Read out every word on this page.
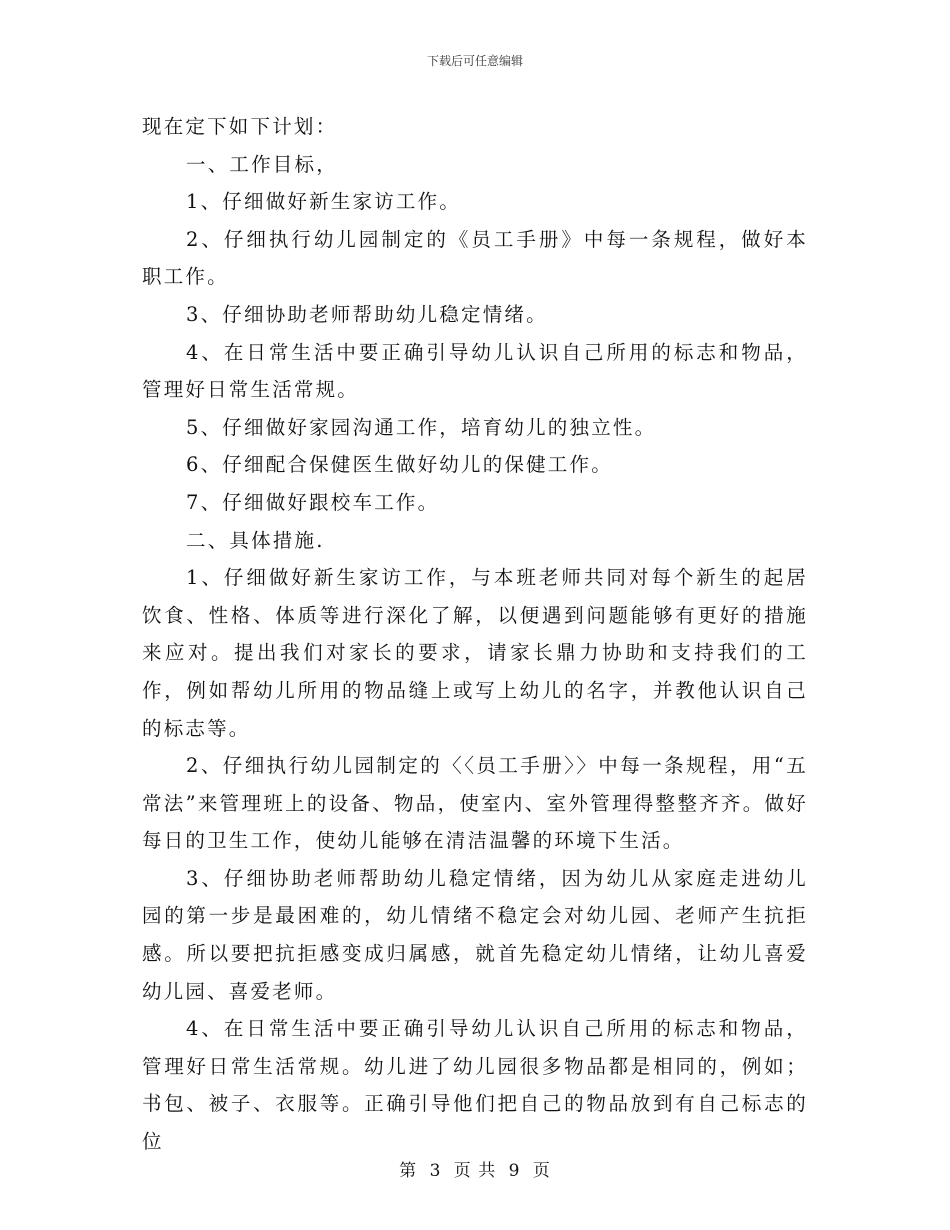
下载后可任意编辑

现在定下如下计划：

一、工作目标，

1、仔细做好新生家访工作。

2、仔细执行幼儿园制定的《员工手册》中每一条规程，做好本职工作。

3、仔细协助老师帮助幼儿稳定情绪。

4、在日常生活中要正确引导幼儿认识自己所用的标志和物品，管理好日常生活常规。

5、仔细做好家园沟通工作，培育幼儿的独立性。

6、仔细配合保健医生做好幼儿的保健工作。

7、仔细做好跟校车工作。

二、具体措施.

1、仔细做好新生家访工作，与本班老师共同对每个新生的起居饮食、性格、体质等进行深化了解，以便遇到问题能够有更好的措施来应对。提出我们对家长的要求，请家长鼎力协助和支持我们的工作，例如帮幼儿所用的物品缝上或写上幼儿的名字，并教他认识自己的标志等。

2、仔细执行幼儿园制定的〈〈员工手册〉〉中每一条规程，用“五常法”来管理班上的设备、物品，使室内、室外管理得整整齐齐。做好每日的卫生工作，使幼儿能够在清洁温馨的环境下生活。

3、仔细协助老师帮助幼儿稳定情绪，因为幼儿从家庭走进幼儿园的第一步是最困难的，幼儿情绪不稳定会对幼儿园、老师产生抗拒感。所以要把抗拒感变成归属感，就首先稳定幼儿情绪，让幼儿喜爱幼儿园、喜爱老师。

4、在日常生活中要正确引导幼儿认识自己所用的标志和物品，管理好日常生活常规。幼儿进了幼儿园很多物品都是相同的，例如；书包、被子、衣服等。正确引导他们把自己的物品放到有自己标志的位

第 3 页 共 9 页
